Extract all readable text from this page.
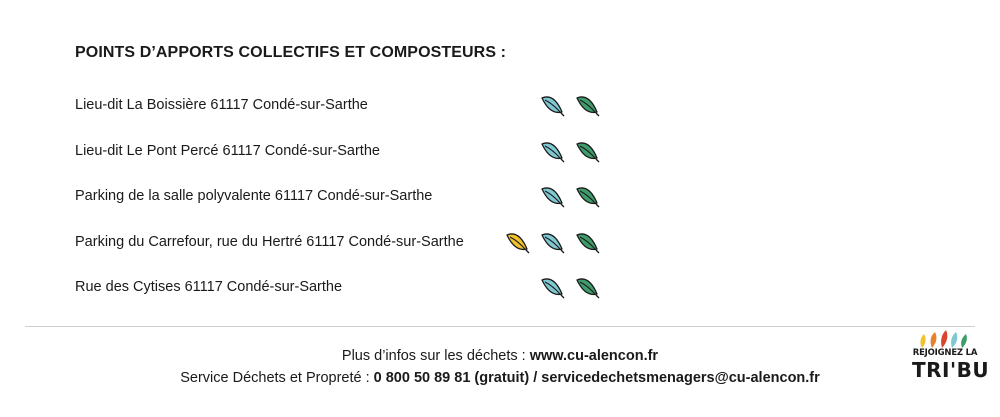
POINTS D’APPORTS COLLECTIFS ET COMPOSTEURS :
Lieu-dit La Boissière 61117 Condé-sur-Sarthe
Lieu-dit Le Pont Percé 61117 Condé-sur-Sarthe
Parking de la salle polyvalente 61117 Condé-sur-Sarthe
Parking du Carrefour, rue du Hertré 61117 Condé-sur-Sarthe
Rue des Cytises 61117 Condé-sur-Sarthe
Plus d’infos sur les déchets : www.cu-alencon.fr
Service Déchets et Propreté : 0 800 50 89 81 (gratuit) / servicedechetsmenagers@cu-alencon.fr
REJOIGNEZ LA
TRI'BU
